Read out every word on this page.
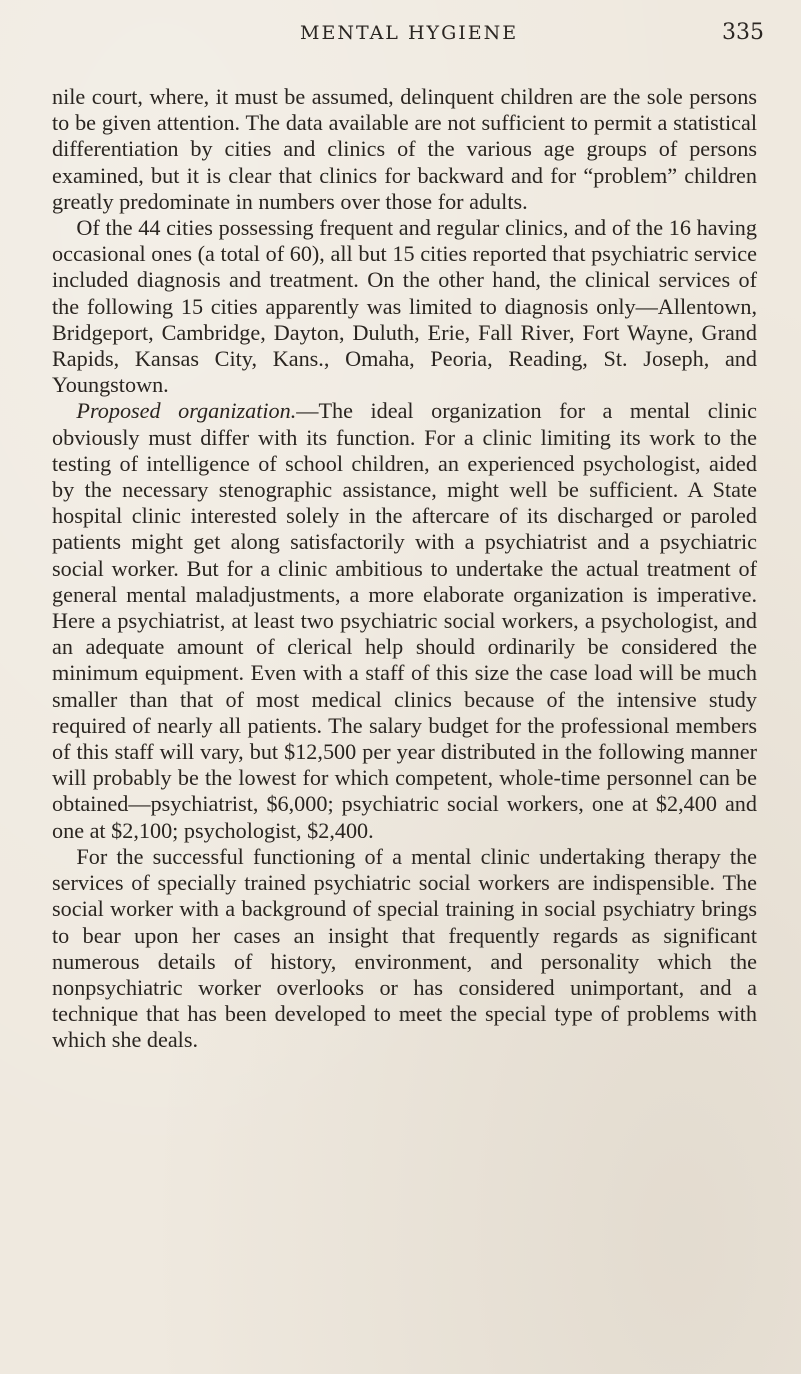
MENTAL HYGIENE	335

nile court, where, it must be assumed, delinquent children are the sole persons to be given attention. The data available are not sufficient to permit a statistical differentiation by cities and clinics of the various age groups of persons examined, but it is clear that clinics for backward and for “problem” children greatly predominate in numbers over those for adults.

Of the 44 cities possessing frequent and regular clinics, and of the 16 having occasional ones (a total of 60), all but 15 cities reported that psychiatric service included diagnosis and treatment. On the other hand, the clinical services of the following 15 cities apparently was limited to diagnosis only—Allentown, Bridgeport, Cambridge, Dayton, Duluth, Erie, Fall River, Fort Wayne, Grand Rapids, Kansas City, Kans., Omaha, Peoria, Reading, St. Joseph, and Youngstown.

Proposed organization.—The ideal organization for a mental clinic obviously must differ with its function. For a clinic limiting its work to the testing of intelligence of school children, an experienced psychologist, aided by the necessary stenographic assistance, might well be sufficient. A State hospital clinic interested solely in the aftercare of its discharged or paroled patients might get along satisfactorily with a psychiatrist and a psychiatric social worker. But for a clinic ambitious to undertake the actual treatment of general mental maladjustments, a more elaborate organization is imperative. Here a psychiatrist, at least two psychiatric social workers, a psychologist, and an adequate amount of clerical help should ordinarily be considered the minimum equipment. Even with a staff of this size the case load will be much smaller than that of most medical clinics because of the intensive study required of nearly all patients. The salary budget for the professional members of this staff will vary, but $12,500 per year distributed in the following manner will probably be the lowest for which competent, whole-time personnel can be obtained—psychiatrist, $6,000; psychiatric social workers, one at $2,400 and one at $2,100; psychologist, $2,400.

For the successful functioning of a mental clinic undertaking therapy the services of specially trained psychiatric social workers are indispensible. The social worker with a background of special training in social psychiatry brings to bear upon her cases an insight that frequently regards as significant numerous details of history, environment, and personality which the nonpsychiatric worker overlooks or has considered unimportant, and a technique that has been developed to meet the special type of problems with which she deals.
